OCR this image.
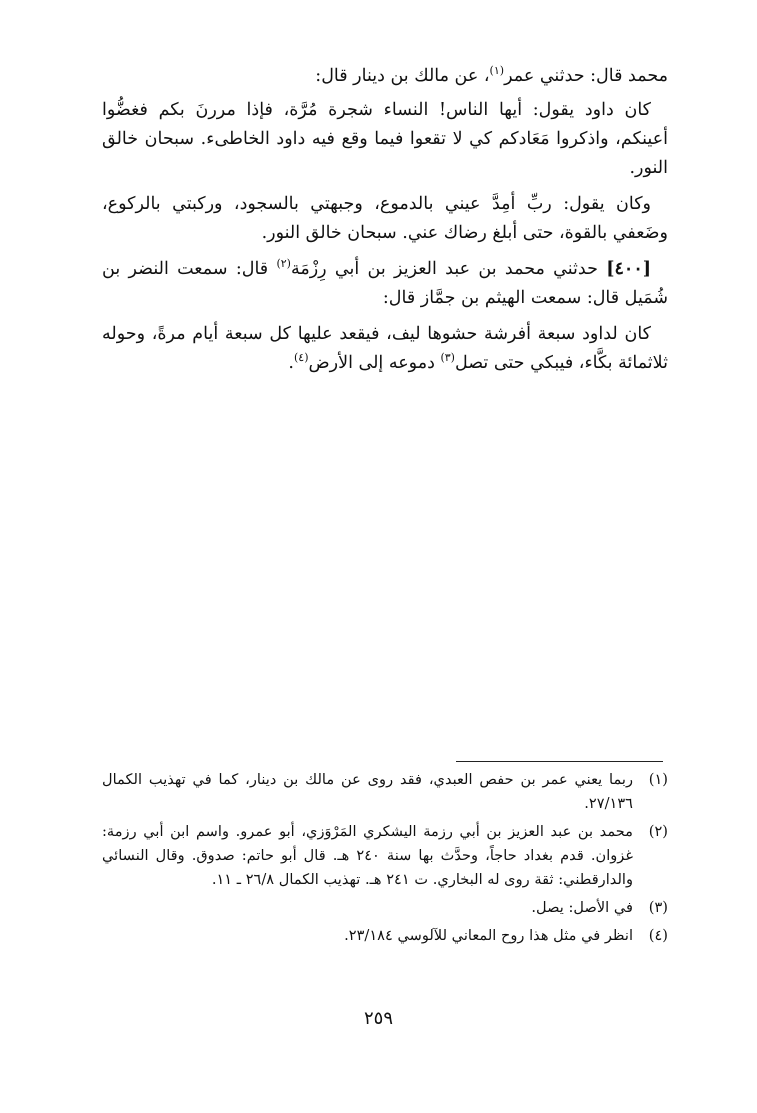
محمد قال: حدثني عمر$^{(١)}$، عن مالك بن دينار قال:

كان داود يقول: أيها الناس! النساء شجرة مُرَّة، فإذا مررنَ بكم فغضُّوا أعينكم، واذكروا مَعَادكم كي لا تقعوا فيما وقع فيه داود الخاطىء. سبحان خالق النور.

وكان يقول: ربِّ أمِدَّ عيني بالدموع، وجبهتي بالسجود، وركبتي بالركوع، وضَعفي بالقوة، حتى أبلغ رضاك عني. سبحان خالق النور.

[٤٠٠] حدثني محمد بن عبد العزيز بن أبي رِزْمَة$^{(٢)}$ قال: سمعت النضر بن شُمَيل قال: سمعت الهيثم بن جمَّاز قال:

كان لداود سبعة أفرشة حشوها ليف، فيقعد عليها كل سبعة أيام مرةً، وحوله ثلاثمائة بكَّاء، فيبكي حتى تصل$^{(٣)}$ دموعه إلى الأرض$^{(٤)}$.

(١)
ربما يعني عمر بن حفص العبدي، فقد روى عن مالك بن دينار، كما في تهذيب الكمال ٢٧/١٣٦.
(٢)
محمد بن عبد العزيز بن أبي رزمة اليشكري المَرْوَزي، أبو عمرو. واسم ابن أبي رزمة: غزوان. قدم بغداد حاجاً، وحدَّث بها سنة ٢٤٠ هـ. قال أبو حاتم: صدوق. وقال النسائي والدارقطني: ثقة روى له البخاري. ت ٢٤١ هـ. تهذيب الكمال ٢٦/٨ ـ ١١.
(٣)
في الأصل: يصل.
(٤)
انظر في مثل هذا روح المعاني للآلوسي ٢٣/١٨٤.
٢٥٩
